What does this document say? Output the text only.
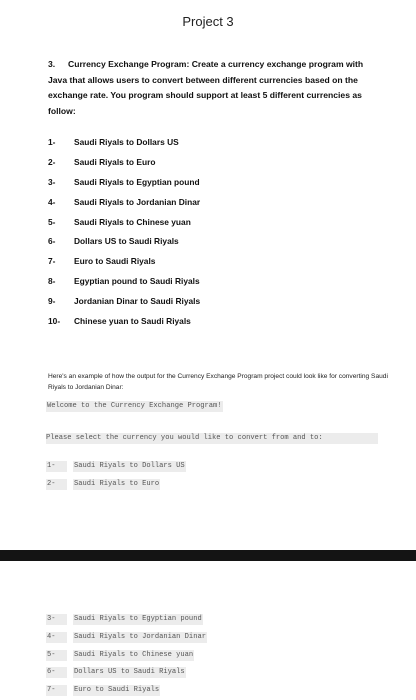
Project 3
3. Currency Exchange Program: Create a currency exchange program with Java that allows users to convert between different currencies based on the exchange rate. You program should support at least 5 different currencies as follow:
1- Saudi Riyals to Dollars US
2- Saudi Riyals to Euro
3- Saudi Riyals to Egyptian pound
4- Saudi Riyals to Jordanian Dinar
5- Saudi Riyals to Chinese yuan
6- Dollars US to Saudi Riyals
7- Euro to Saudi Riyals
8- Egyptian pound to Saudi Riyals
9- Jordanian Dinar to Saudi Riyals
10- Chinese yuan to Saudi Riyals
Here's an example of how the output for the Currency Exchange Program project could look like for converting Saudi Riyals to Jordanian Dinar:
Welcome to the Currency Exchange Program!
Please select the currency you would like to convert from and to:
1-	Saudi Riyals to Dollars US
2-	Saudi Riyals to Euro
3-	Saudi Riyals to Egyptian pound
4-	Saudi Riyals to Jordanian Dinar
5-	Saudi Riyals to Chinese yuan
6-	Dollars US to Saudi Riyals
7-	Euro to Saudi Riyals
